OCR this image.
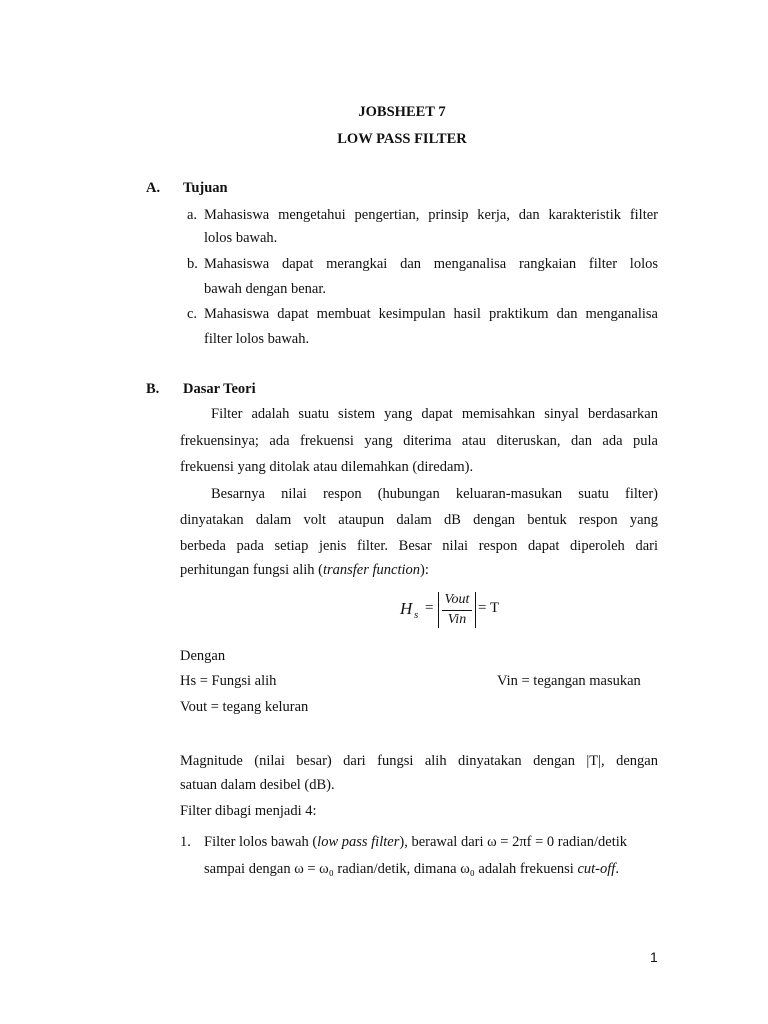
JOBSHEET 7
LOW PASS FILTER
A. Tujuan
a. Mahasiswa mengetahui pengertian, prinsip kerja, dan karakteristik filter
lolos bawah.
b. Mahasiswa dapat merangkai dan menganalisa rangkaian filter lolos
bawah dengan benar.
c. Mahasiswa dapat membuat kesimpulan hasil praktikum dan menganalisa
filter lolos bawah.
B. Dasar Teori
Filter adalah suatu sistem yang dapat memisahkan sinyal berdasarkan
frekuensinya; ada frekuensi yang diterima atau diteruskan, dan ada pula
frekuensi yang ditolak atau dilemahkan (diredam).
Besarnya nilai respon (hubungan keluaran-masukan suatu filter)
dinyatakan dalam volt ataupun dalam dB dengan bentuk respon yang
berbeda pada setiap jenis filter. Besar nilai respon dapat diperoleh dari
perhitungan fungsi alih (transfer function):
H s =
Vout
Vin
= T
Dengan
Hs = Fungsi alih	Vin = tegangan masukan
Vout = tegang keluran
Magnitude (nilai besar) dari fungsi alih dinyatakan dengan |T|, dengan
satuan dalam desibel (dB).
Filter dibagi menjadi 4:
1. Filter lolos bawah (low pass filter), berawal dari ω = 2πf = 0 radian/detik
sampai dengan ω = ω₀ radian/detik, dimana ω₀ adalah frekuensi cut-off.
1
